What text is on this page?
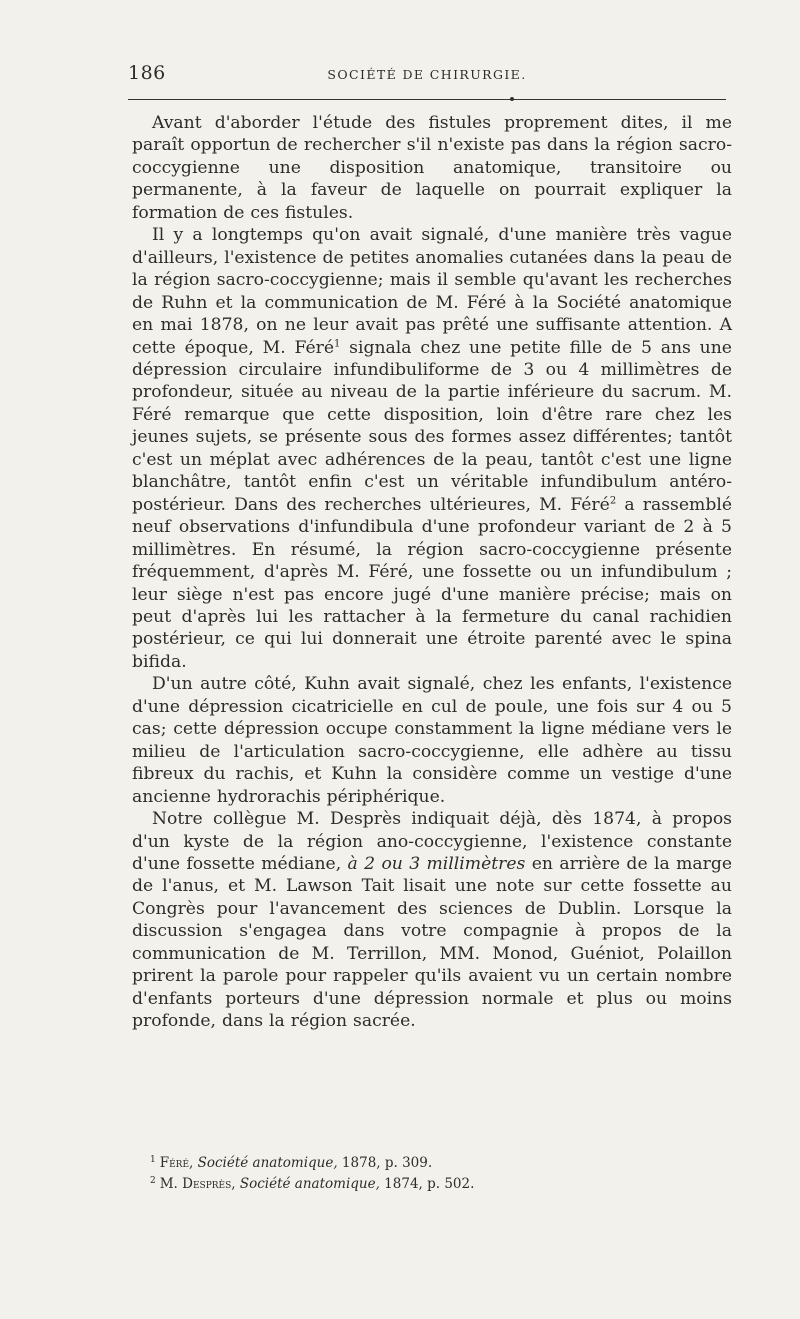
186	SOCIÉTÉ DE CHIRURGIE.

Avant d'aborder l'étude des fistules proprement dites, il me paraît opportun de rechercher s'il n'existe pas dans la région sacro-coccygienne une disposition anatomique, transitoire ou permanente, à la faveur de laquelle on pourrait expliquer la formation de ces fistules.

Il y a longtemps qu'on avait signalé, d'une manière très vague d'ailleurs, l'existence de petites anomalies cutanées dans la peau de la région sacro-coccygienne; mais il semble qu'avant les recherches de Ruhn et la communication de M. Féré à la Société anatomique en mai 1878, on ne leur avait pas prêté une suffisante attention. A cette époque, M. Féré$^1$ signala chez une petite fille de 5 ans une dépression circulaire infundibuliforme de 3 ou 4 millimètres de profondeur, située au niveau de la partie inférieure du sacrum. M. Féré remarque que cette disposition, loin d'être rare chez les jeunes sujets, se présente sous des formes assez différentes; tantôt c'est un méplat avec adhérences de la peau, tantôt c'est une ligne blanchâtre, tantôt enfin c'est un véritable infundibulum antéro-postérieur. Dans des recherches ultérieures, M. Féré$^2$ a rassemblé neuf observations d'infundibula d'une profondeur variant de 2 à 5 millimètres. En résumé, la région sacro-coccygienne présente fréquemment, d'après M. Féré, une fossette ou un infundibulum ; leur siège n'est pas encore jugé d'une manière précise; mais on peut d'après lui les rattacher à la fermeture du canal rachidien postérieur, ce qui lui donnerait une étroite parenté avec le spina bifida.

D'un autre côté, Kuhn avait signalé, chez les enfants, l'existence d'une dépression cicatricielle en cul de poule, une fois sur 4 ou 5 cas; cette dépression occupe constamment la ligne médiane vers le milieu de l'articulation sacro-coccygienne, elle adhère au tissu fibreux du rachis, et Kuhn la considère comme un vestige d'une ancienne hydrorachis périphérique.

Notre collègue M. Desprès indiquait déjà, dès 1874, à propos d'un kyste de la région ano-coccygienne, l'existence constante d'une fossette médiane, à 2 ou 3 millimètres en arrière de la marge de l'anus, et M. Lawson Tait lisait une note sur cette fossette au Congrès pour l'avancement des sciences de Dublin. Lorsque la discussion s'engagea dans votre compagnie à propos de la communication de M. Terrillon, MM. Monod, Guéniot, Polaillon prirent la parole pour rappeler qu'ils avaient vu un certain nombre d'enfants porteurs d'une dépression normale et plus ou moins profonde, dans la région sacrée.

$^1$ Féré, Société anatomique, 1878, p. 309.

$^2$ M. Desprès, Société anatomique, 1874, p. 502.
